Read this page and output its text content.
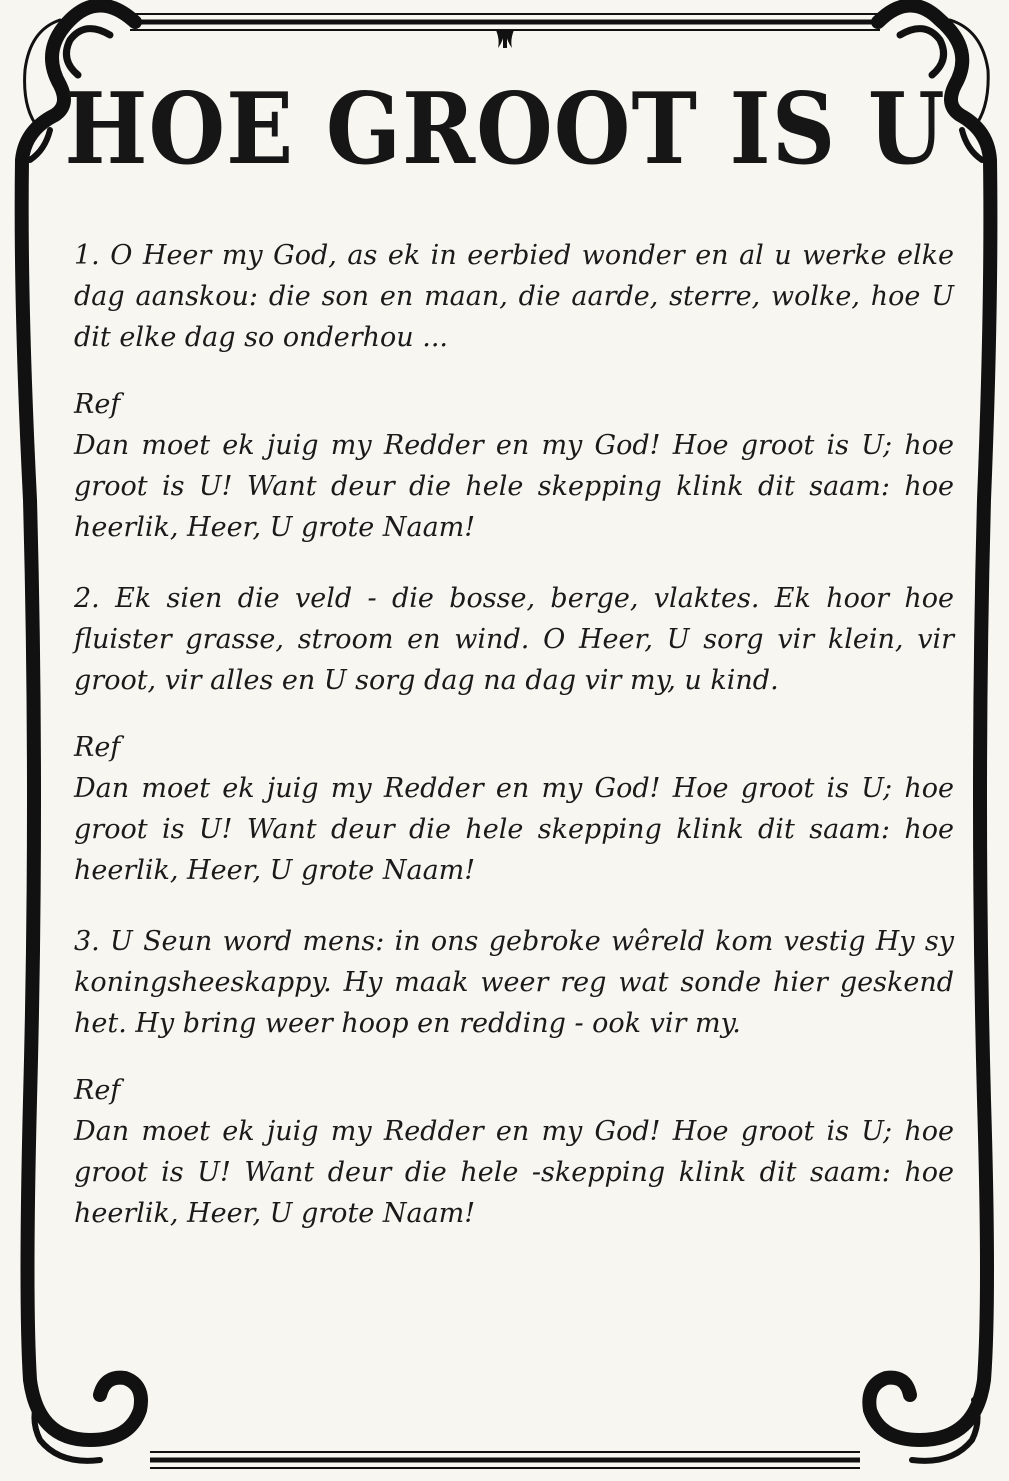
HOE GROOT IS U

1. O Heer my God, as ek in eerbied wonder en al u werke elke dag aanskou: die son en maan, die aarde, sterre, wolke, hoe U dit elke dag so onderhou ...

Ref

Dan moet ek juig my Redder en my God! Hoe groot is U; hoe groot is U! Want deur die hele skepping klink dit saam: hoe heerlik, Heer, U grote Naam!

2. Ek sien die veld - die bosse, berge, vlaktes. Ek hoor hoe fluister grasse, stroom en wind. O Heer, U sorg vir klein, vir groot, vir alles en U sorg dag na dag vir my, u kind.

Ref

Dan moet ek juig my Redder en my God! Hoe groot is U; hoe groot is U! Want deur die hele skepping klink dit saam: hoe heerlik, Heer, U grote Naam!

3. U Seun word mens: in ons gebroke wêreld kom vestig Hy sy koningsheeskappy. Hy maak weer reg wat sonde hier geskend het. Hy bring weer hoop en redding - ook vir my.

Ref

Dan moet ek juig my Redder en my God! Hoe groot is U; hoe groot is U! Want deur die hele -skepping klink dit saam: hoe heerlik, Heer, U grote Naam!
